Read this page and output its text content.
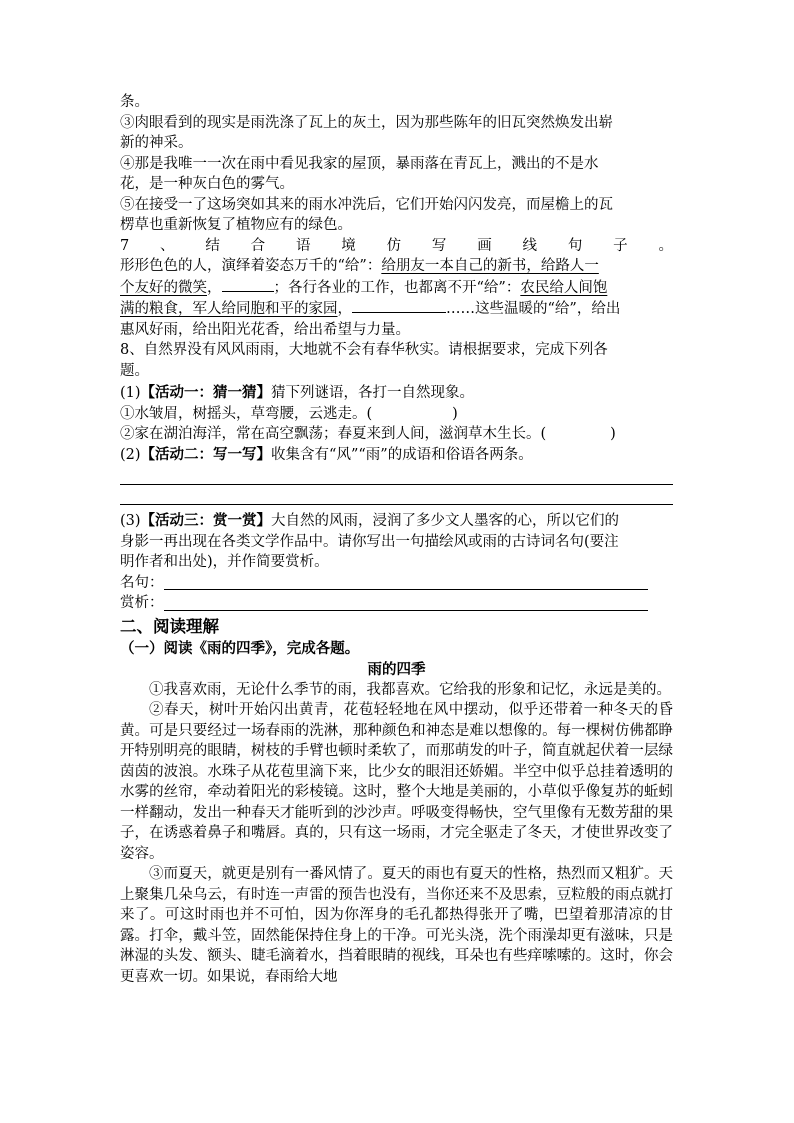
条。
③肉眼看到的现实是雨洗涤了瓦上的灰土，因为那些陈年的旧瓦突然焕发出崭
新的神采。
④那是我唯一一次在雨中看见我家的屋顶，暴雨落在青瓦上，溅出的不是水
花，是一种灰白色的雾气。
⑤在接受一了这场突如其来的雨水冲洗后，它们开始闪闪发亮，而屋檐上的瓦
楞草也重新恢复了植物应有的绿色。
7 、 结 合 语 境 仿 写 画 线 句 子 。
形形色色的人，演绎着姿态万千的“给”：给朋友一本自己的新书，给路人一
个友好的微笑，	；各行各业的工作，也都离不开“给”：农民给人间饱
满的粮食，军人给同胞和平的家园，	……这些温暖的“给”，给出
惠风好雨，给出阳光花香，给出希望与力量。
8、自然界没有风风雨雨，大地就不会有春华秋实。请根据要求，完成下列各
题。
(1)【活动一：猜一猜】猜下列谜语，各打一自然现象。
①水皱眉，树摇头，草弯腰，云逃走。(	)
②家在湖泊海洋，常在高空飘荡；春夏来到人间，滋润草木生长。(	)
(2)【活动二：写一写】收集含有“风”“雨”的成语和俗语各两条。
(3)【活动三：赏一赏】大自然的风雨，浸润了多少文人墨客的心，所以它们的
身影一再出现在各类文学作品中。请你写出一句描绘风或雨的古诗词名句(要注
明作者和出处)，并作简要赏析。
名句：
赏析：
二、阅读理解
（一）阅读《雨的四季》，完成各题。
雨的四季
①我喜欢雨，无论什么季节的雨，我都喜欢。它给我的形象和记忆，永远是美的。
②春天，树叶开始闪出黄青，花苞轻轻地在风中摆动，似乎还带着一种冬天的昏黄。可是只要经过一场春雨的洗淋，那种颜色和神态是难以想像的。每一棵树仿佛都睁开特别明亮的眼睛，树枝的手臂也顿时柔软了，而那萌发的叶子，简直就起伏着一层绿茵茵的波浪。水珠子从花苞里滴下来，比少女的眼泪还娇媚。半空中似乎总挂着透明的水雾的丝帘，牵动着阳光的彩棱镜。这时，整个大地是美丽的，小草似乎像复苏的蚯蚓一样翻动，发出一种春天才能听到的沙沙声。呼吸变得畅快，空气里像有无数芳甜的果子，在诱惑着鼻子和嘴唇。真的，只有这一场雨，才完全驱走了冬天，才使世界改变了姿容。
③而夏天，就更是别有一番风情了。夏天的雨也有夏天的性格，热烈而又粗犷。天上聚集几朵乌云，有时连一声雷的预告也没有，当你还来不及思索，豆粒般的雨点就打来了。可这时雨也并不可怕，因为你浑身的毛孔都热得张开了嘴，巴望着那清凉的甘露。打伞，戴斗笠，固然能保持住身上的干净。可光头浇，洗个雨澡却更有滋味，只是淋湿的头发、额头、睫毛滴着水，挡着眼睛的视线，耳朵也有些痒嗦嗦的。这时，你会更喜欢一切。如果说，春雨给大地
